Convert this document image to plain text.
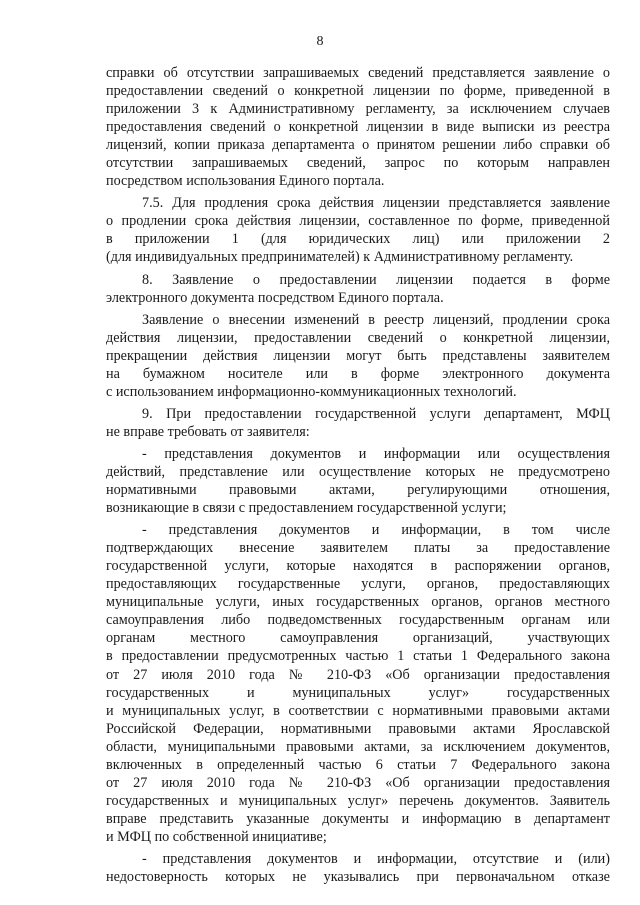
8
справки об отсутствии запрашиваемых сведений представляется заявление о
предоставлении сведений о конкретной лицензии по форме, приведенной в
приложении 3 к Административному регламенту, за исключением случаев
предоставления сведений о конкретной лицензии в виде выписки из реестра
лицензий, копии приказа департамента о принятом решении либо справки об
отсутствии запрашиваемых сведений, запрос по которым направлен
посредством использования Единого портала.
7.5. Для продления срока действия лицензии представляется заявление
о продлении срока действия лицензии, составленное по форме, приведенной
в приложении 1 (для юридических лиц) или приложении 2
(для индивидуальных предпринимателей) к Административному регламенту.
8. Заявление о предоставлении лицензии подается в форме
электронного документа посредством Единого портала.
Заявление о внесении изменений в реестр лицензий, продлении срока
действия лицензии, предоставлении сведений о конкретной лицензии,
прекращении действия лицензии могут быть представлены заявителем
на бумажном носителе или в форме электронного документа
с использованием информационно-коммуникационных технологий.
9. При предоставлении государственной услуги департамент, МФЦ
не вправе требовать от заявителя:
- представления документов и информации или осуществления
действий, представление или осуществление которых не предусмотрено
нормативными правовыми актами, регулирующими отношения,
возникающие в связи с предоставлением государственной услуги;
- представления документов и информации, в том числе
подтверждающих внесение заявителем платы за предоставление
государственной услуги, которые находятся в распоряжении органов,
предоставляющих государственные услуги, органов, предоставляющих
муниципальные услуги, иных государственных органов, органов местного
самоуправления либо подведомственных государственным органам или
органам местного самоуправления организаций, участвующих
в предоставлении предусмотренных частью 1 статьи 1 Федерального закона
от 27 июля 2010 года № 210-ФЗ «Об организации предоставления
государственных и муниципальных услуг» государственных
и муниципальных услуг, в соответствии с нормативными правовыми актами
Российской Федерации, нормативными правовыми актами Ярославской
области, муниципальными правовыми актами, за исключением документов,
включенных в определенный частью 6 статьи 7 Федерального закона
от 27 июля 2010 года № 210-ФЗ «Об организации предоставления
государственных и муниципальных услуг» перечень документов. Заявитель
вправе представить указанные документы и информацию в департамент
и МФЦ по собственной инициативе;
- представления документов и информации, отсутствие и (или)
недостоверность которых не указывались при первоначальном отказе
